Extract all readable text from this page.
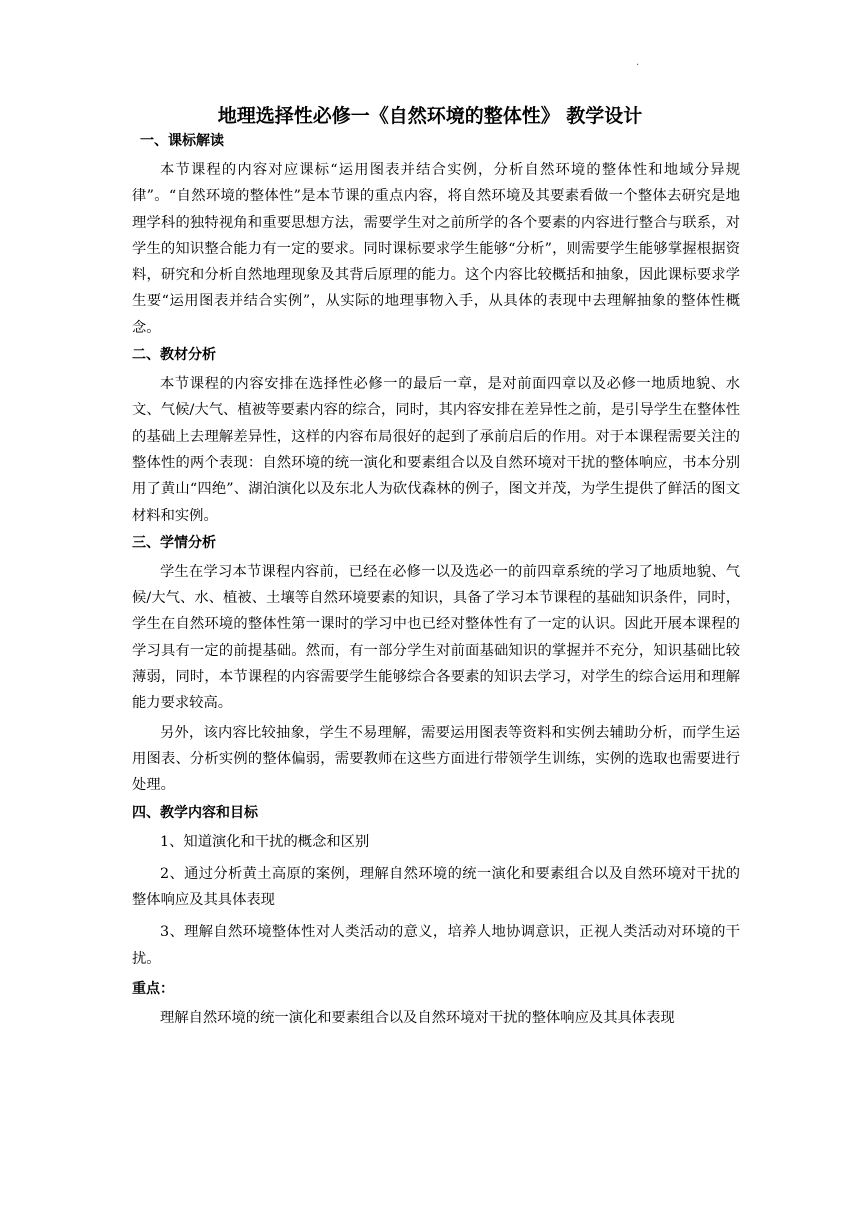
.
地理选择性必修一《自然环境的整体性》 教学设计
一、课标解读

本节课程的内容对应课标“运用图表并结合实例，分析自然环境的整体性和地域分异规律”。“自然环境的整体性”是本节课的重点内容，将自然环境及其要素看做一个整体去研究是地理学科的独特视角和重要思想方法，需要学生对之前所学的各个要素的内容进行整合与联系，对学生的知识整合能力有一定的要求。同时课标要求学生能够“分析”，则需要学生能够掌握根据资料，研究和分析自然地理现象及其背后原理的能力。这个内容比较概括和抽象，因此课标要求学生要“运用图表并结合实例”，从实际的地理事物入手，从具体的表现中去理解抽象的整体性概念。

二、教材分析

本节课程的内容安排在选择性必修一的最后一章，是对前面四章以及必修一地质地貌、水文、气候/大气、植被等要素内容的综合，同时，其内容安排在差异性之前，是引导学生在整体性的基础上去理解差异性，这样的内容布局很好的起到了承前启后的作用。对于本课程需要关注的整体性的两个表现：自然环境的统一演化和要素组合以及自然环境对干扰的整体响应，书本分别用了黄山“四绝”、湖泊演化以及东北人为砍伐森林的例子，图文并茂，为学生提供了鲜活的图文材料和实例。

三、学情分析

学生在学习本节课程内容前，已经在必修一以及选必一的前四章系统的学习了地质地貌、气候/大气、水、植被、土壤等自然环境要素的知识，具备了学习本节课程的基础知识条件，同时，学生在自然环境的整体性第一课时的学习中也已经对整体性有了一定的认识。因此开展本课程的学习具有一定的前提基础。然而，有一部分学生对前面基础知识的掌握并不充分，知识基础比较薄弱，同时，本节课程的内容需要学生能够综合各要素的知识去学习，对学生的综合运用和理解能力要求较高。

另外，该内容比较抽象，学生不易理解，需要运用图表等资料和实例去辅助分析，而学生运用图表、分析实例的整体偏弱，需要教师在这些方面进行带领学生训练，实例的选取也需要进行处理。

四、教学内容和目标

1、知道演化和干扰的概念和区别

2、通过分析黄土高原的案例，理解自然环境的统一演化和要素组合以及自然环境对干扰的整体响应及其具体表现

3、理解自然环境整体性对人类活动的意义，培养人地协调意识，正视人类活动对环境的干扰。

重点：

理解自然环境的统一演化和要素组合以及自然环境对干扰的整体响应及其具体表现
